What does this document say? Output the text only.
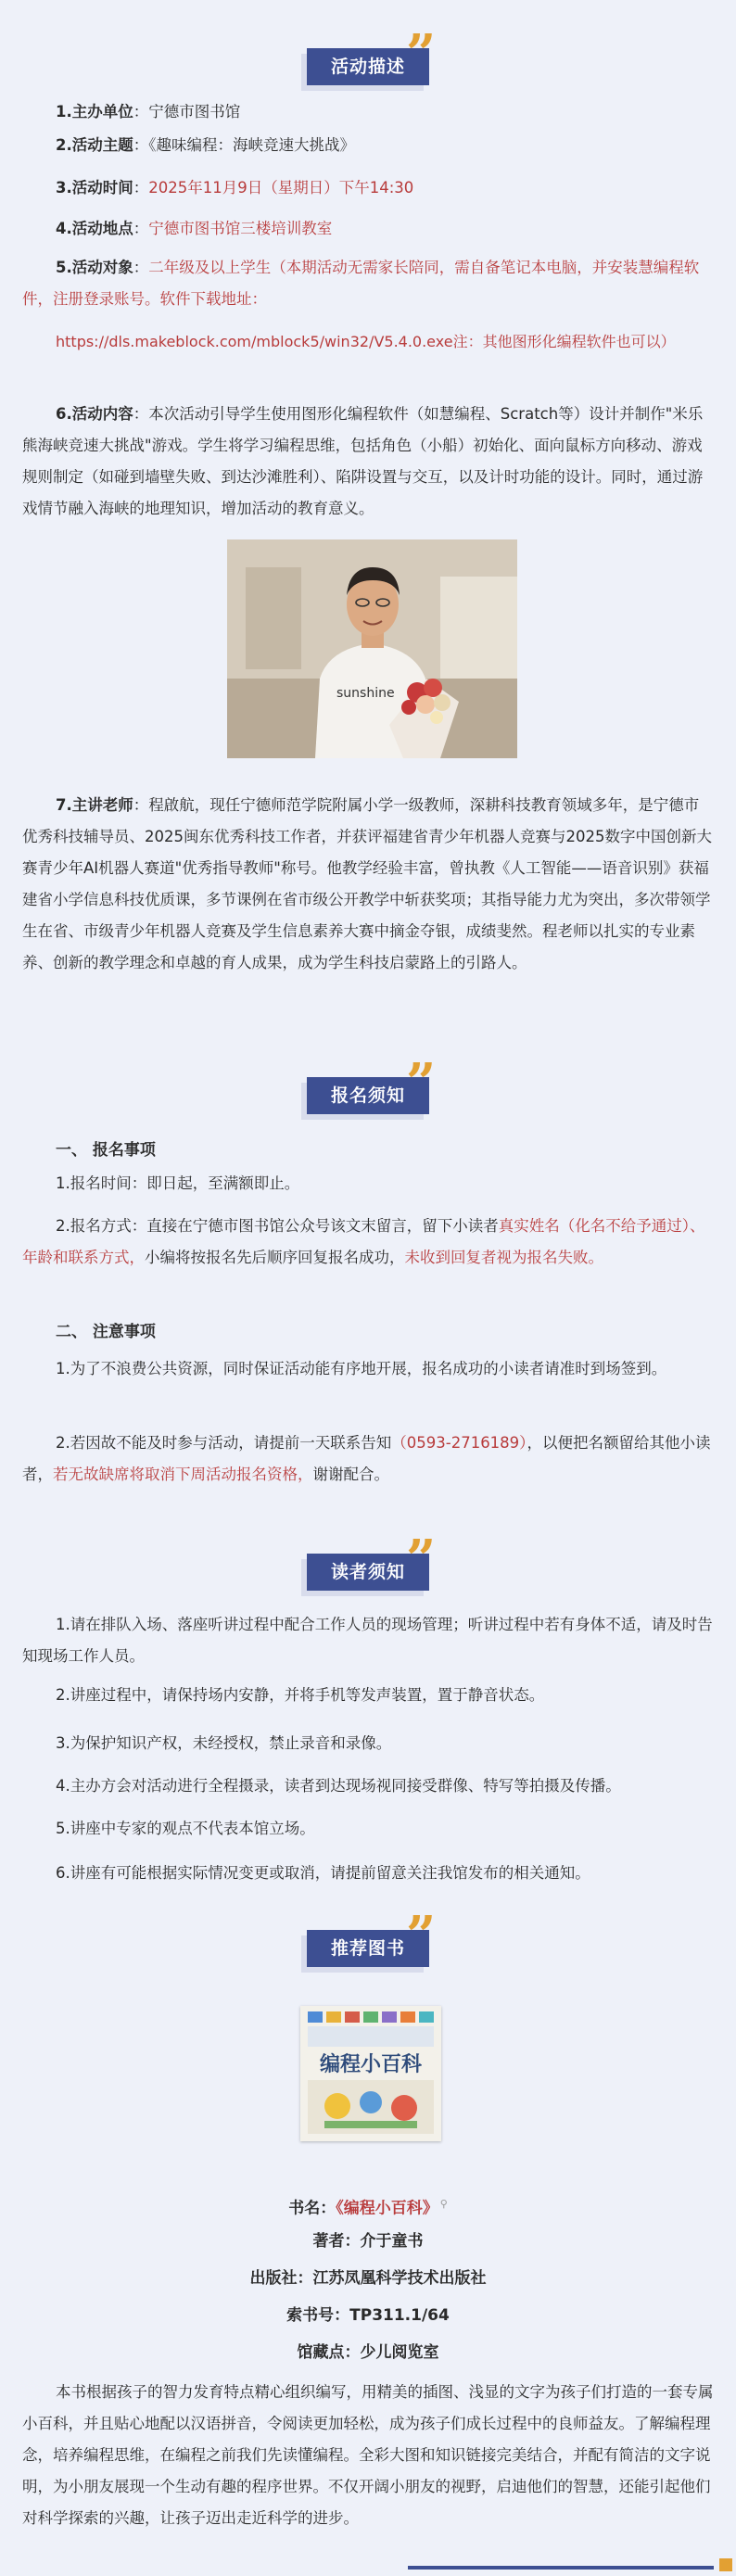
活动描述 ”

1.主办单位：宁德市图书馆

2.活动主题：《趣味编程：海峡竞速大挑战》

3.活动时间：2025年11月9日（星期日）下午14:30

4.活动地点：宁德市图书馆三楼培训教室

5.活动对象：二年级及以上学生（本期活动无需家长陪同，需自备笔记本电脑，并安装慧编程软件，注册登录账号。软件下载地址：

https://dls.makeblock.com/mblock5/win32/V5.4.0.exe注：其他图形化编程软件也可以）

6.活动内容：本次活动引导学生使用图形化编程软件（如慧编程、Scratch等）设计并制作"米乐熊海峡竞速大挑战"游戏。学生将学习编程思维，包括角色（小船）初始化、面向鼠标方向移动、游戏规则制定（如碰到墙壁失败、到达沙滩胜利）、陷阱设置与交互，以及计时功能的设计。同时，通过游戏情节融入海峡的地理知识，增加活动的教育意义。

sunshine

7.主讲老师：程啟航，现任宁德师范学院附属小学一级教师，深耕科技教育领域多年，是宁德市优秀科技辅导员、2025闽东优秀科技工作者，并获评福建省青少年机器人竞赛与2025数字中国创新大赛青少年AI机器人赛道"优秀指导教师"称号。他教学经验丰富，曾执教《人工智能——语音识别》获福建省小学信息科技优质课，多节课例在省市级公开教学中斩获奖项；其指导能力尤为突出，多次带领学生在省、市级青少年机器人竞赛及学生信息素养大赛中摘金夺银，成绩斐然。程老师以扎实的专业素养、创新的教学理念和卓越的育人成果，成为学生科技启蒙路上的引路人。

报名须知 ”
一、 报名事项

1.报名时间：即日起，至满额即止。

2.报名方式：直接在宁德市图书馆公众号该文末留言，留下小读者真实姓名（化名不给予通过）、年龄和联系方式，小编将按报名先后顺序回复报名成功，未收到回复者视为报名失败。

二、 注意事项

1.为了不浪费公共资源，同时保证活动能有序地开展，报名成功的小读者请准时到场签到。

2.若因故不能及时参与活动，请提前一天联系告知（0593-2716189），以便把名额留给其他小读者，若无故缺席将取消下周活动报名资格，谢谢配合。

读者须知 ”

1.请在排队入场、落座听讲过程中配合工作人员的现场管理；听讲过程中若有身体不适，请及时告知现场工作人员。

2.讲座过程中，请保持场内安静，并将手机等发声装置，置于静音状态。

3.为保护知识产权，未经授权，禁止录音和录像。

4.主办方会对活动进行全程摄录，读者到达现场视同接受群像、特写等拍摄及传播。

5.讲座中专家的观点不代表本馆立场。

6.讲座有可能根据实际情况变更或取消，请提前留意关注我馆发布的相关通知。

推荐图书 ”
编程小百科
书名：《编程小百科》 ⚲
著者：介于童书
出版社：江苏凤凰科学技术出版社
索书号：TP311.1/64
馆藏点：少儿阅览室

本书根据孩子的智力发育特点精心组织编写，用精美的插图、浅显的文字为孩子们打造的一套专属小百科，并且贴心地配以汉语拼音，令阅读更加轻松，成为孩子们成长过程中的良师益友。了解编程理念，培养编程思维，在编程之前我们先读懂编程。全彩大图和知识链接完美结合，并配有简洁的文字说明，为小朋友展现一个生动有趣的程序世界。不仅开阔小朋友的视野，启迪他们的智慧，还能引起他们对科学探索的兴趣，让孩子迈出走近科学的进步。
